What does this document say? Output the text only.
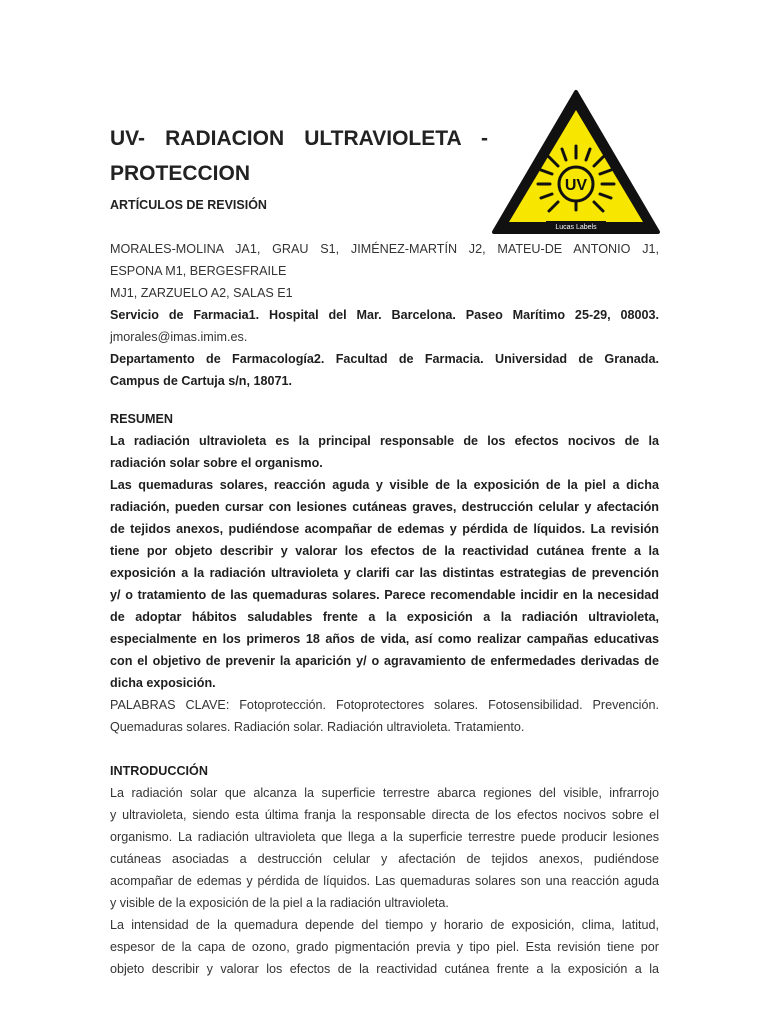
UV- RADIACION ULTRAVIOLETA -
PROTECCION
ARTÍCULOS DE REVISIÓN
UV
Lucas Labels
MORALES-MOLINA JA1, GRAU S1, JIMÉNEZ-MARTÍN J2, MATEU-DE ANTONIO J1,
ESPONA M1, BERGESFRAILE
MJ1, ZARZUELO A2, SALAS E1
Servicio de Farmacia1. Hospital del Mar. Barcelona. Paseo Marítimo 25-29, 08003.

jmorales@imas.imim.es.

Departamento de Farmacología2. Facultad de Farmacia. Universidad de Granada.
Campus de Cartuja s/n, 18071.

RESUMEN

La radiación ultravioleta es la principal responsable de los efectos nocivos de la
radiación solar sobre el organismo.
Las quemaduras solares, reacción aguda y visible de la exposición de la piel a dicha
radiación, pueden cursar con lesiones cutáneas graves, destrucción celular y afectación
de tejidos anexos, pudiéndose acompañar de edemas y pérdida de líquidos. La revisión
tiene por objeto describir y valorar los efectos de la reactividad cutánea frente a la
exposición a la radiación ultravioleta y clarifi car las distintas estrategias de prevención
y/ o tratamiento de las quemaduras solares. Parece recomendable incidir en la necesidad
de adoptar hábitos saludables frente a la exposición a la radiación ultravioleta,
especialmente en los primeros 18 años de vida, así como realizar campañas educativas
con el objetivo de prevenir la aparición y/ o agravamiento de enfermedades derivadas de
dicha exposición.
PALABRAS CLAVE: Fotoprotección. Fotoprotectores solares. Fotosensibilidad. Prevención.
Quemaduras solares. Radiación solar. Radiación ultravioleta. Tratamiento.

INTRODUCCIÓN

La radiación solar que alcanza la superficie terrestre abarca regiones del visible, infrarrojo
y ultravioleta, siendo esta última franja la responsable directa de los efectos nocivos sobre el
organismo. La radiación ultravioleta que llega a la superficie terrestre puede producir lesiones
cutáneas asociadas a destrucción celular y afectación de tejidos anexos, pudiéndose
acompañar de edemas y pérdida de líquidos. Las quemaduras solares son una reacción aguda
y visible de la exposición de la piel a la radiación ultravioleta.
La intensidad de la quemadura depende del tiempo y horario de exposición, clima, latitud,
espesor de la capa de ozono, grado pigmentación previa y tipo piel. Esta revisión tiene por
objeto describir y valorar los efectos de la reactividad cutánea frente a la exposición a la
